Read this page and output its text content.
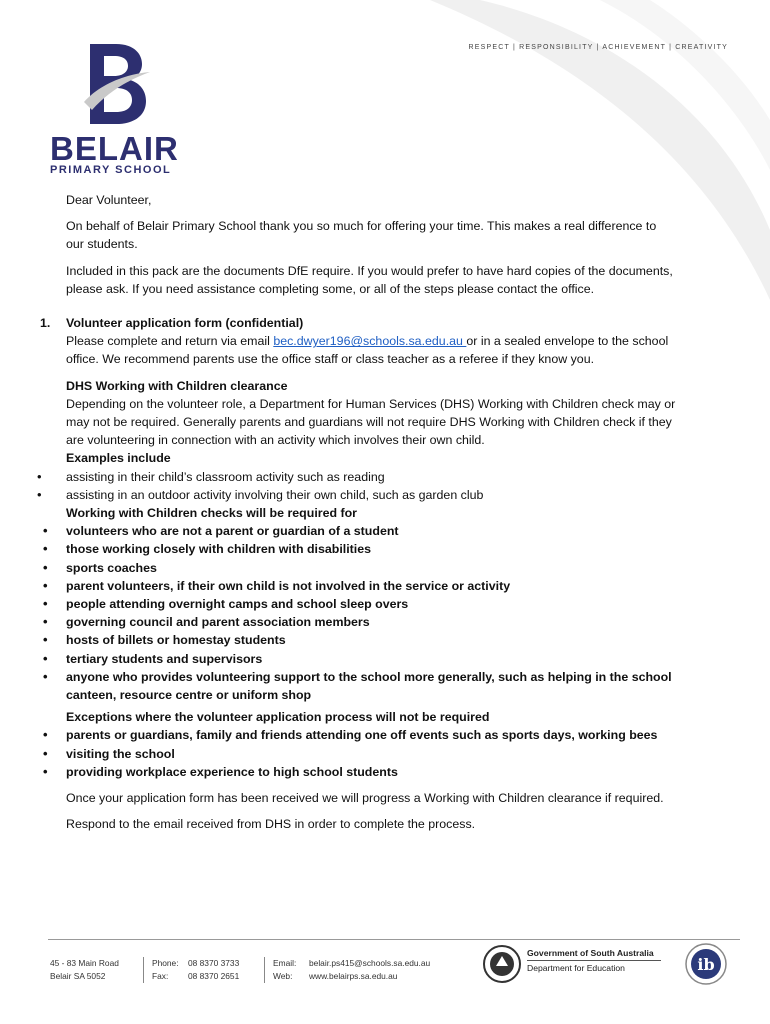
RESPECT | RESPONSIBILITY | ACHIEVEMENT | CREATIVITY
BELAIR
PRIMARY SCHOOL

Dear Volunteer,

On behalf of Belair Primary School thank you so much for offering your time. This makes a real difference to our students.

Included in this pack are the documents DfE require. If you would prefer to have hard copies of the documents, please ask. If you need assistance completing some, or all of the steps please contact the office.

1. Volunteer application form (confidential)

Please complete and return via email bec.dwyer196@schools.sa.edu.au or in a sealed envelope to the school office. We recommend parents use the office staff or class teacher as a referee if they know you.

DHS Working with Children clearance

Depending on the volunteer role, a Department for Human Services (DHS) Working with Children check may or may not be required. Generally parents and guardians will not require DHS Working with Children check if they are volunteering in connection with an activity which involves their own child.

Examples include

• assisting in their child’s classroom activity such as reading
• assisting in an outdoor activity involving their own child, such as garden club

Working with Children checks will be required for

• volunteers who are not a parent or guardian of a student
• those working closely with children with disabilities
• sports coaches
• parent volunteers, if their own child is not involved in the service or activity
• people attending overnight camps and school sleep overs
• governing council and parent association members
• hosts of billets or homestay students
• tertiary students and supervisors
• anyone who provides volunteering support to the school more generally, such as helping in the school canteen, resource centre or uniform shop

Exceptions where the volunteer application process will not be required

• parents or guardians, family and friends attending one off events such as sports days, working bees
• visiting the school
• providing workplace experience to high school students

Once your application form has been received we will progress a Working with Children clearance if required.

Respond to the email received from DHS in order to complete the process.

45 - 83 Main Road
Belair SA 5052
Phone: 08 8370 3733
Fax: 08 8370 2651
Email: belair.ps415@schools.sa.edu.au
Web: www.belairps.sa.edu.au
Government of South Australia
Department for Education	ib
